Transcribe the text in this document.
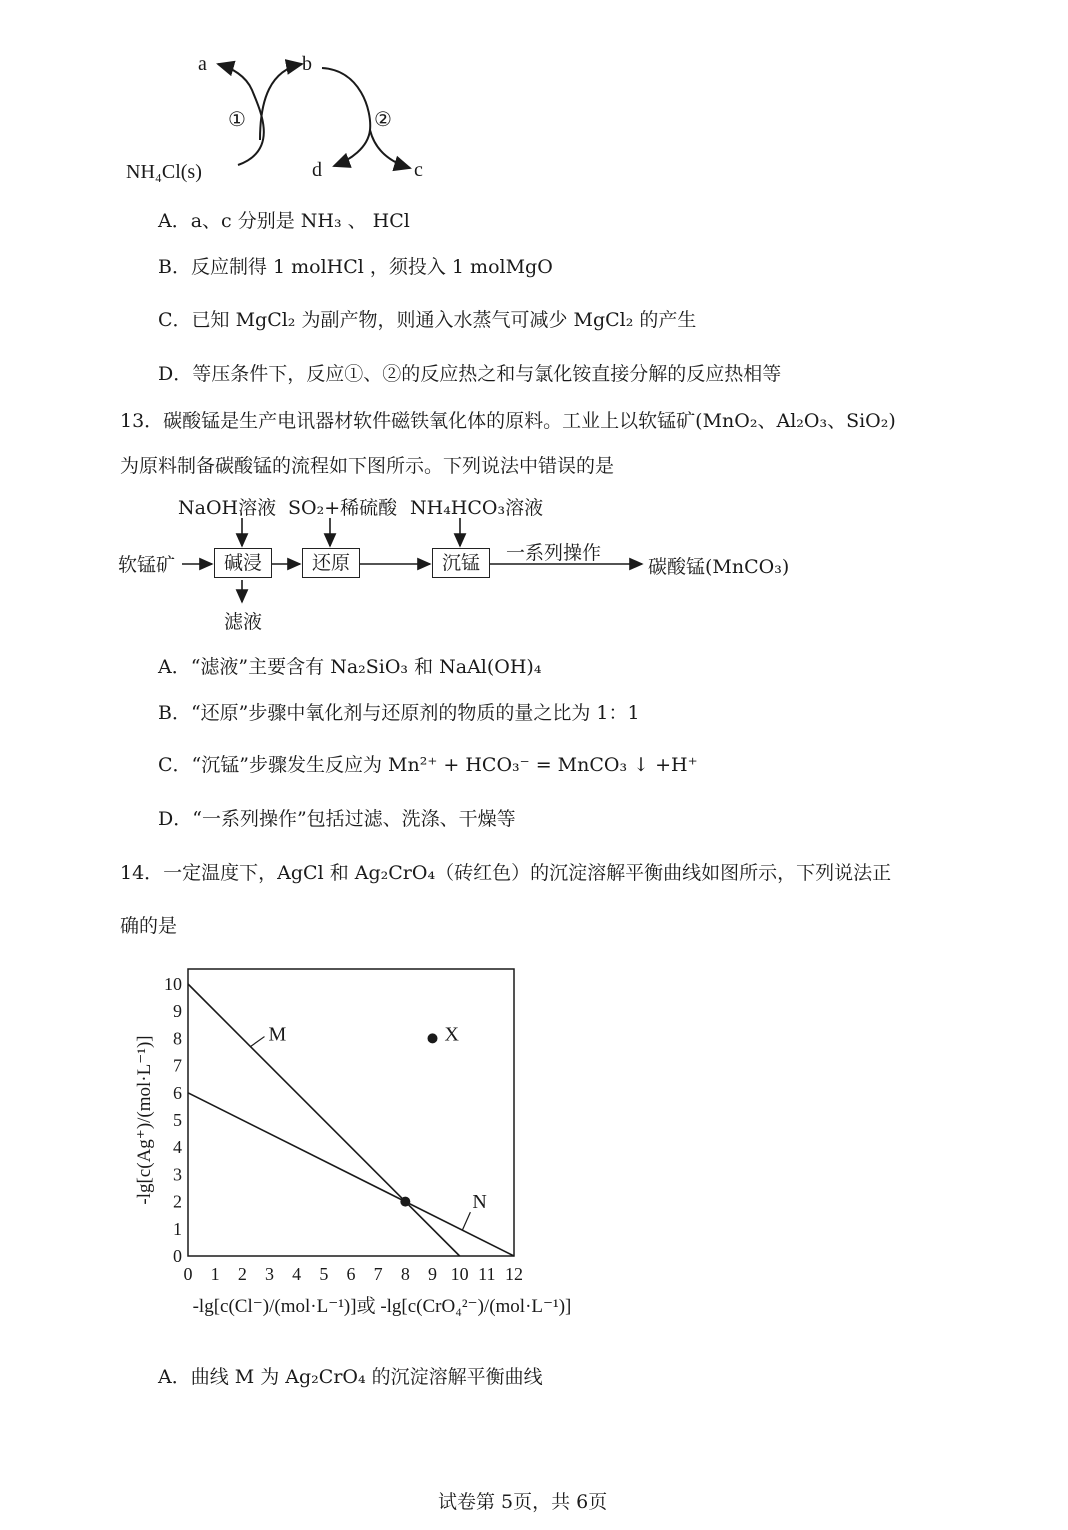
a	b
c
d
①	②
NH₄Cl(s)
A．a、c 分别是 NH₃ 、 HCl
B．反应制得 1 molHCl ，须投入 1 molMgO
C．已知 MgCl₂ 为副产物，则通入水蒸气可减少 MgCl₂ 的产生
D．等压条件下，反应①、②的反应热之和与氯化铵直接分解的反应热相等
13．碳酸锰是生产电讯器材软件磁铁氧化体的原料。工业上以软锰矿(MnO₂、Al₂O₃、SiO₂)
为原料制备碳酸锰的流程如下图所示。下列说法中错误的是
软锰矿
NaOH溶液 SO₂+稀硫酸 NH₄HCO₃溶液
碱浸	还原	沉锰
滤液
一系列操作
碳酸锰(MnCO₃)
A．“滤液”主要含有 Na₂SiO₃ 和 NaAl(OH)₄
B．“还原”步骤中氧化剂与还原剂的物质的量之比为 1：1
C．“沉锰”步骤发生反应为 Mn²⁺ + HCO₃⁻ = MnCO₃ ↓ +H⁺
D．“一系列操作”包括过滤、洗涤、干燥等
14．一定温度下，AgCl 和 Ag₂CrO₄（砖红色）的沉淀溶解平衡曲线如图所示，下列说法正
确的是
0 1 2 3 4 5 6 7 8 9 10 11 12
0
1
2
3
4
5
6
7
8
9
10
M
N
X
-lg[c(Ag⁺)/(mol·L⁻¹)]
-lg[c(Cl⁻)/(mol·L⁻¹)]或 -lg[c(CrO₄²⁻)/(mol·L⁻¹)]
A．曲线 M 为 Ag₂CrO₄ 的沉淀溶解平衡曲线
试卷第 5页，共 6页
